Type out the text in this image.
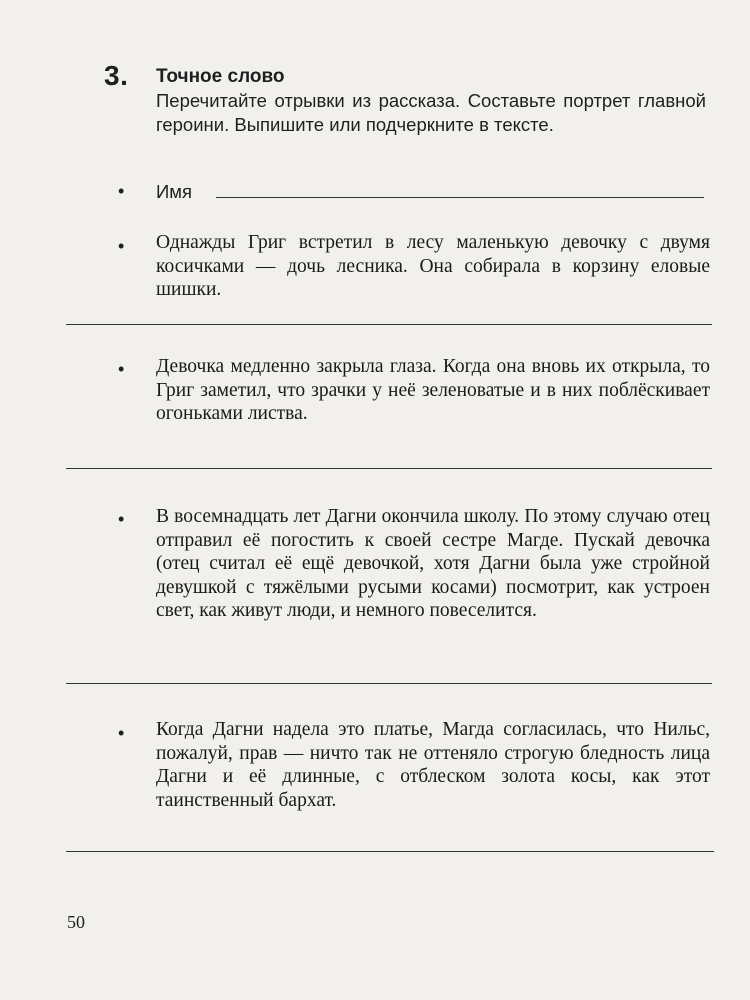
3. Точное слово
Перечитайте отрывки из рассказа. Составьте портрет главной героини. Выпишите или подчеркните в тексте.
• Имя
• Однажды Григ встретил в лесу маленькую девочку с двумя косичками — дочь лесника. Она собирала в корзину еловые шишки.
• Девочка медленно закрыла глаза. Когда она вновь их открыла, то Григ заметил, что зрачки у неё зеленоватые и в них поблёскивает огоньками листва.
• В восемнадцать лет Дагни окончила школу. По этому случаю отец отправил её погостить к своей сестре Магде. Пускай девочка (отец считал её ещё девочкой, хотя Дагни была уже стройной девушкой с тяжёлыми русыми косами) посмотрит, как устроен свет, как живут люди, и немного повеселится.
• Когда Дагни надела это платье, Магда согласилась, что Нильс, пожалуй, прав — ничто так не оттеняло строгую бледность лица Дагни и её длинные, с отблеском золота косы, как этот таинственный бархат.
50
